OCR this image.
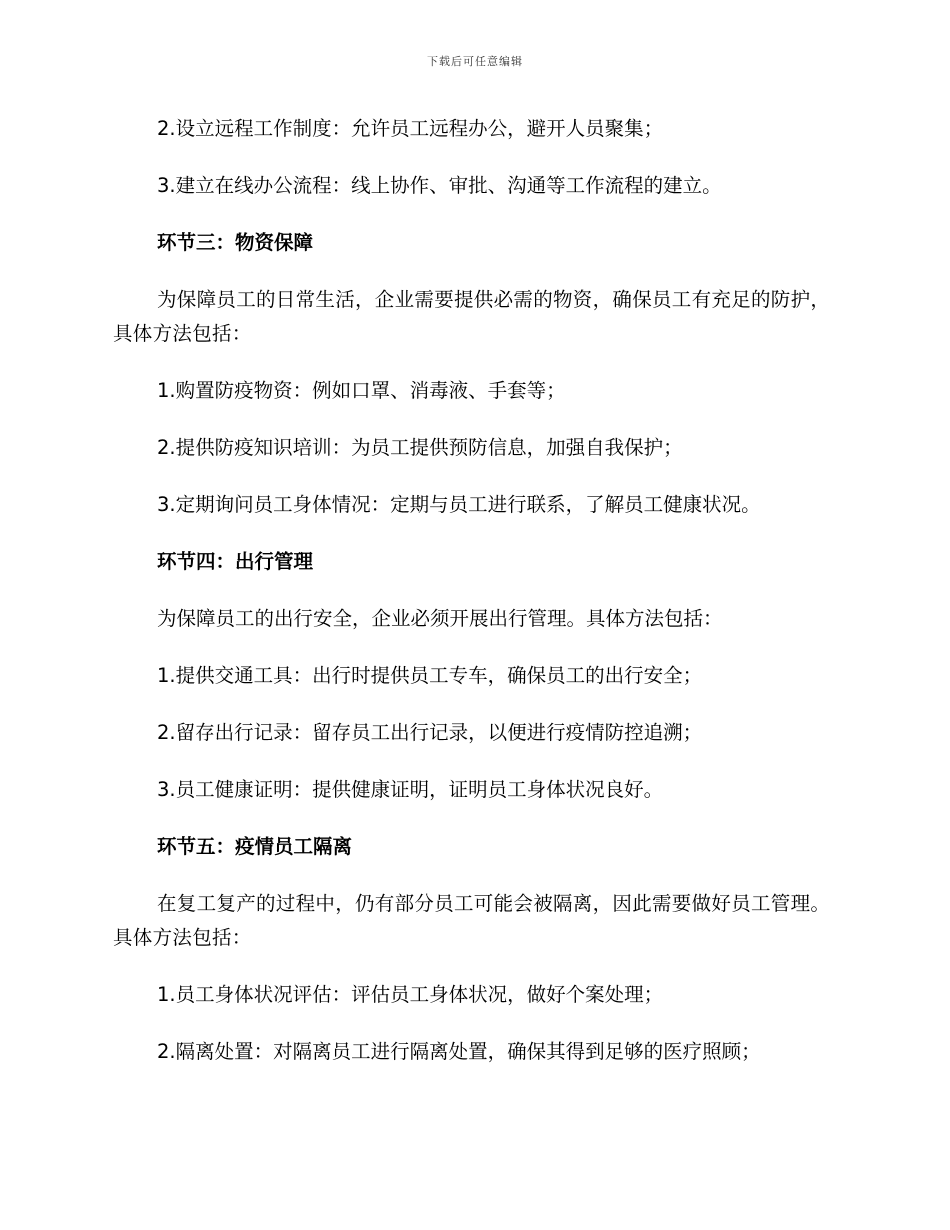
下载后可任意编辑

2.设立远程工作制度：允许员工远程办公，避开人员聚集；

3.建立在线办公流程：线上协作、审批、沟通等工作流程的建立。

环节三：物资保障

为保障员工的日常生活，企业需要提供必需的物资，确保员工有充足的防护，具体方法包括：

1.购置防疫物资：例如口罩、消毒液、手套等；

2.提供防疫知识培训：为员工提供预防信息，加强自我保护；

3.定期询问员工身体情况：定期与员工进行联系，了解员工健康状况。

环节四：出行管理

为保障员工的出行安全，企业必须开展出行管理。具体方法包括：

1.提供交通工具：出行时提供员工专车，确保员工的出行安全；

2.留存出行记录：留存员工出行记录，以便进行疫情防控追溯；

3.员工健康证明：提供健康证明，证明员工身体状况良好。

环节五：疫情员工隔离

在复工复产的过程中，仍有部分员工可能会被隔离，因此需要做好员工管理。具体方法包括：

1.员工身体状况评估：评估员工身体状况，做好个案处理；

2.隔离处置：对隔离员工进行隔离处置，确保其得到足够的医疗照顾；
